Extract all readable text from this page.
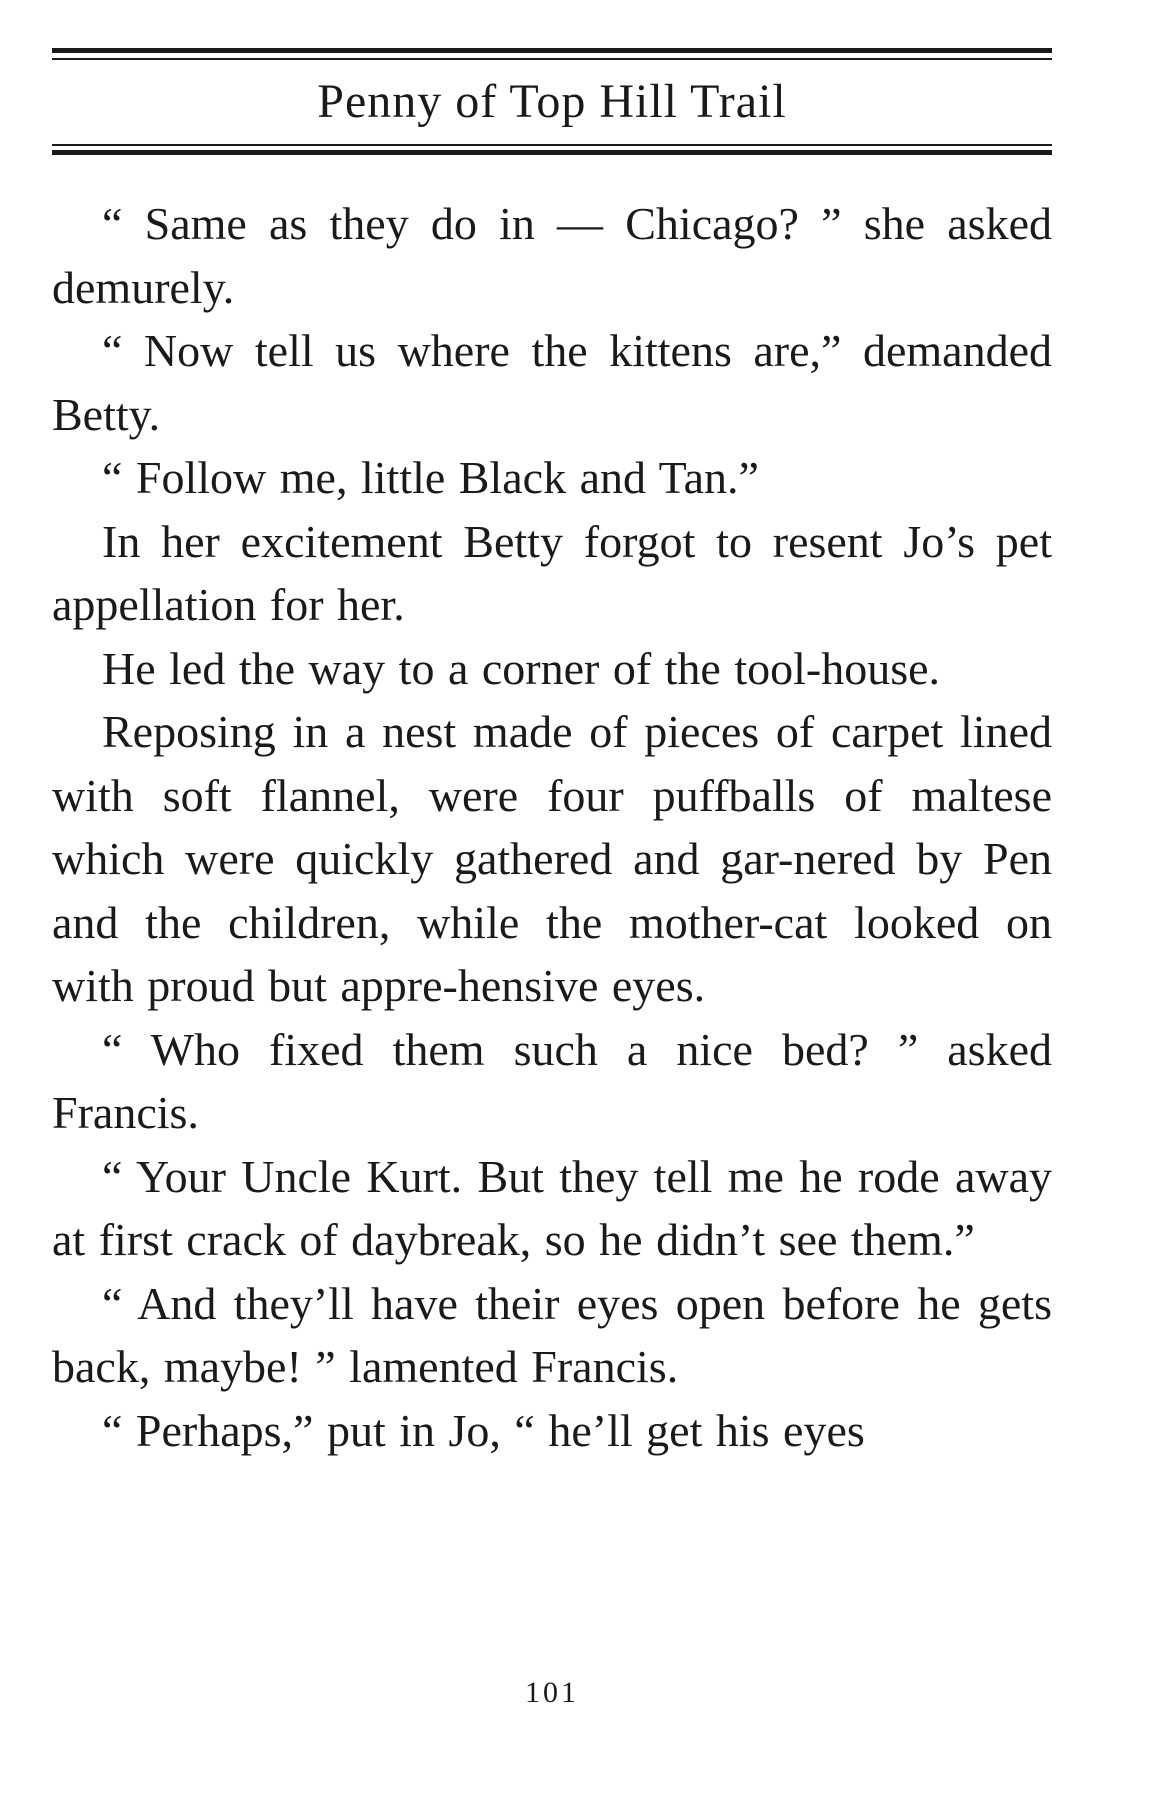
Penny of Top Hill Trail

“ Same as they do in — Chicago? ” she asked demurely.

“ Now tell us where the kittens are,” demanded Betty.

“ Follow me, little Black and Tan.”

In her excitement Betty forgot to resent Jo’s pet appellation for her.

He led the way to a corner of the tool-house.

Reposing in a nest made of pieces of carpet lined with soft flannel, were four puffballs of maltese which were quickly gathered and gar-nered by Pen and the children, while the mother-cat looked on with proud but appre-hensive eyes.

“ Who fixed them such a nice bed? ” asked Francis.

“ Your Uncle Kurt. But they tell me he rode away at first crack of daybreak, so he didn’t see them.”

“ And they’ll have their eyes open before he gets back, maybe! ” lamented Francis.

“ Perhaps,” put in Jo, “ he’ll get his eyes

101
